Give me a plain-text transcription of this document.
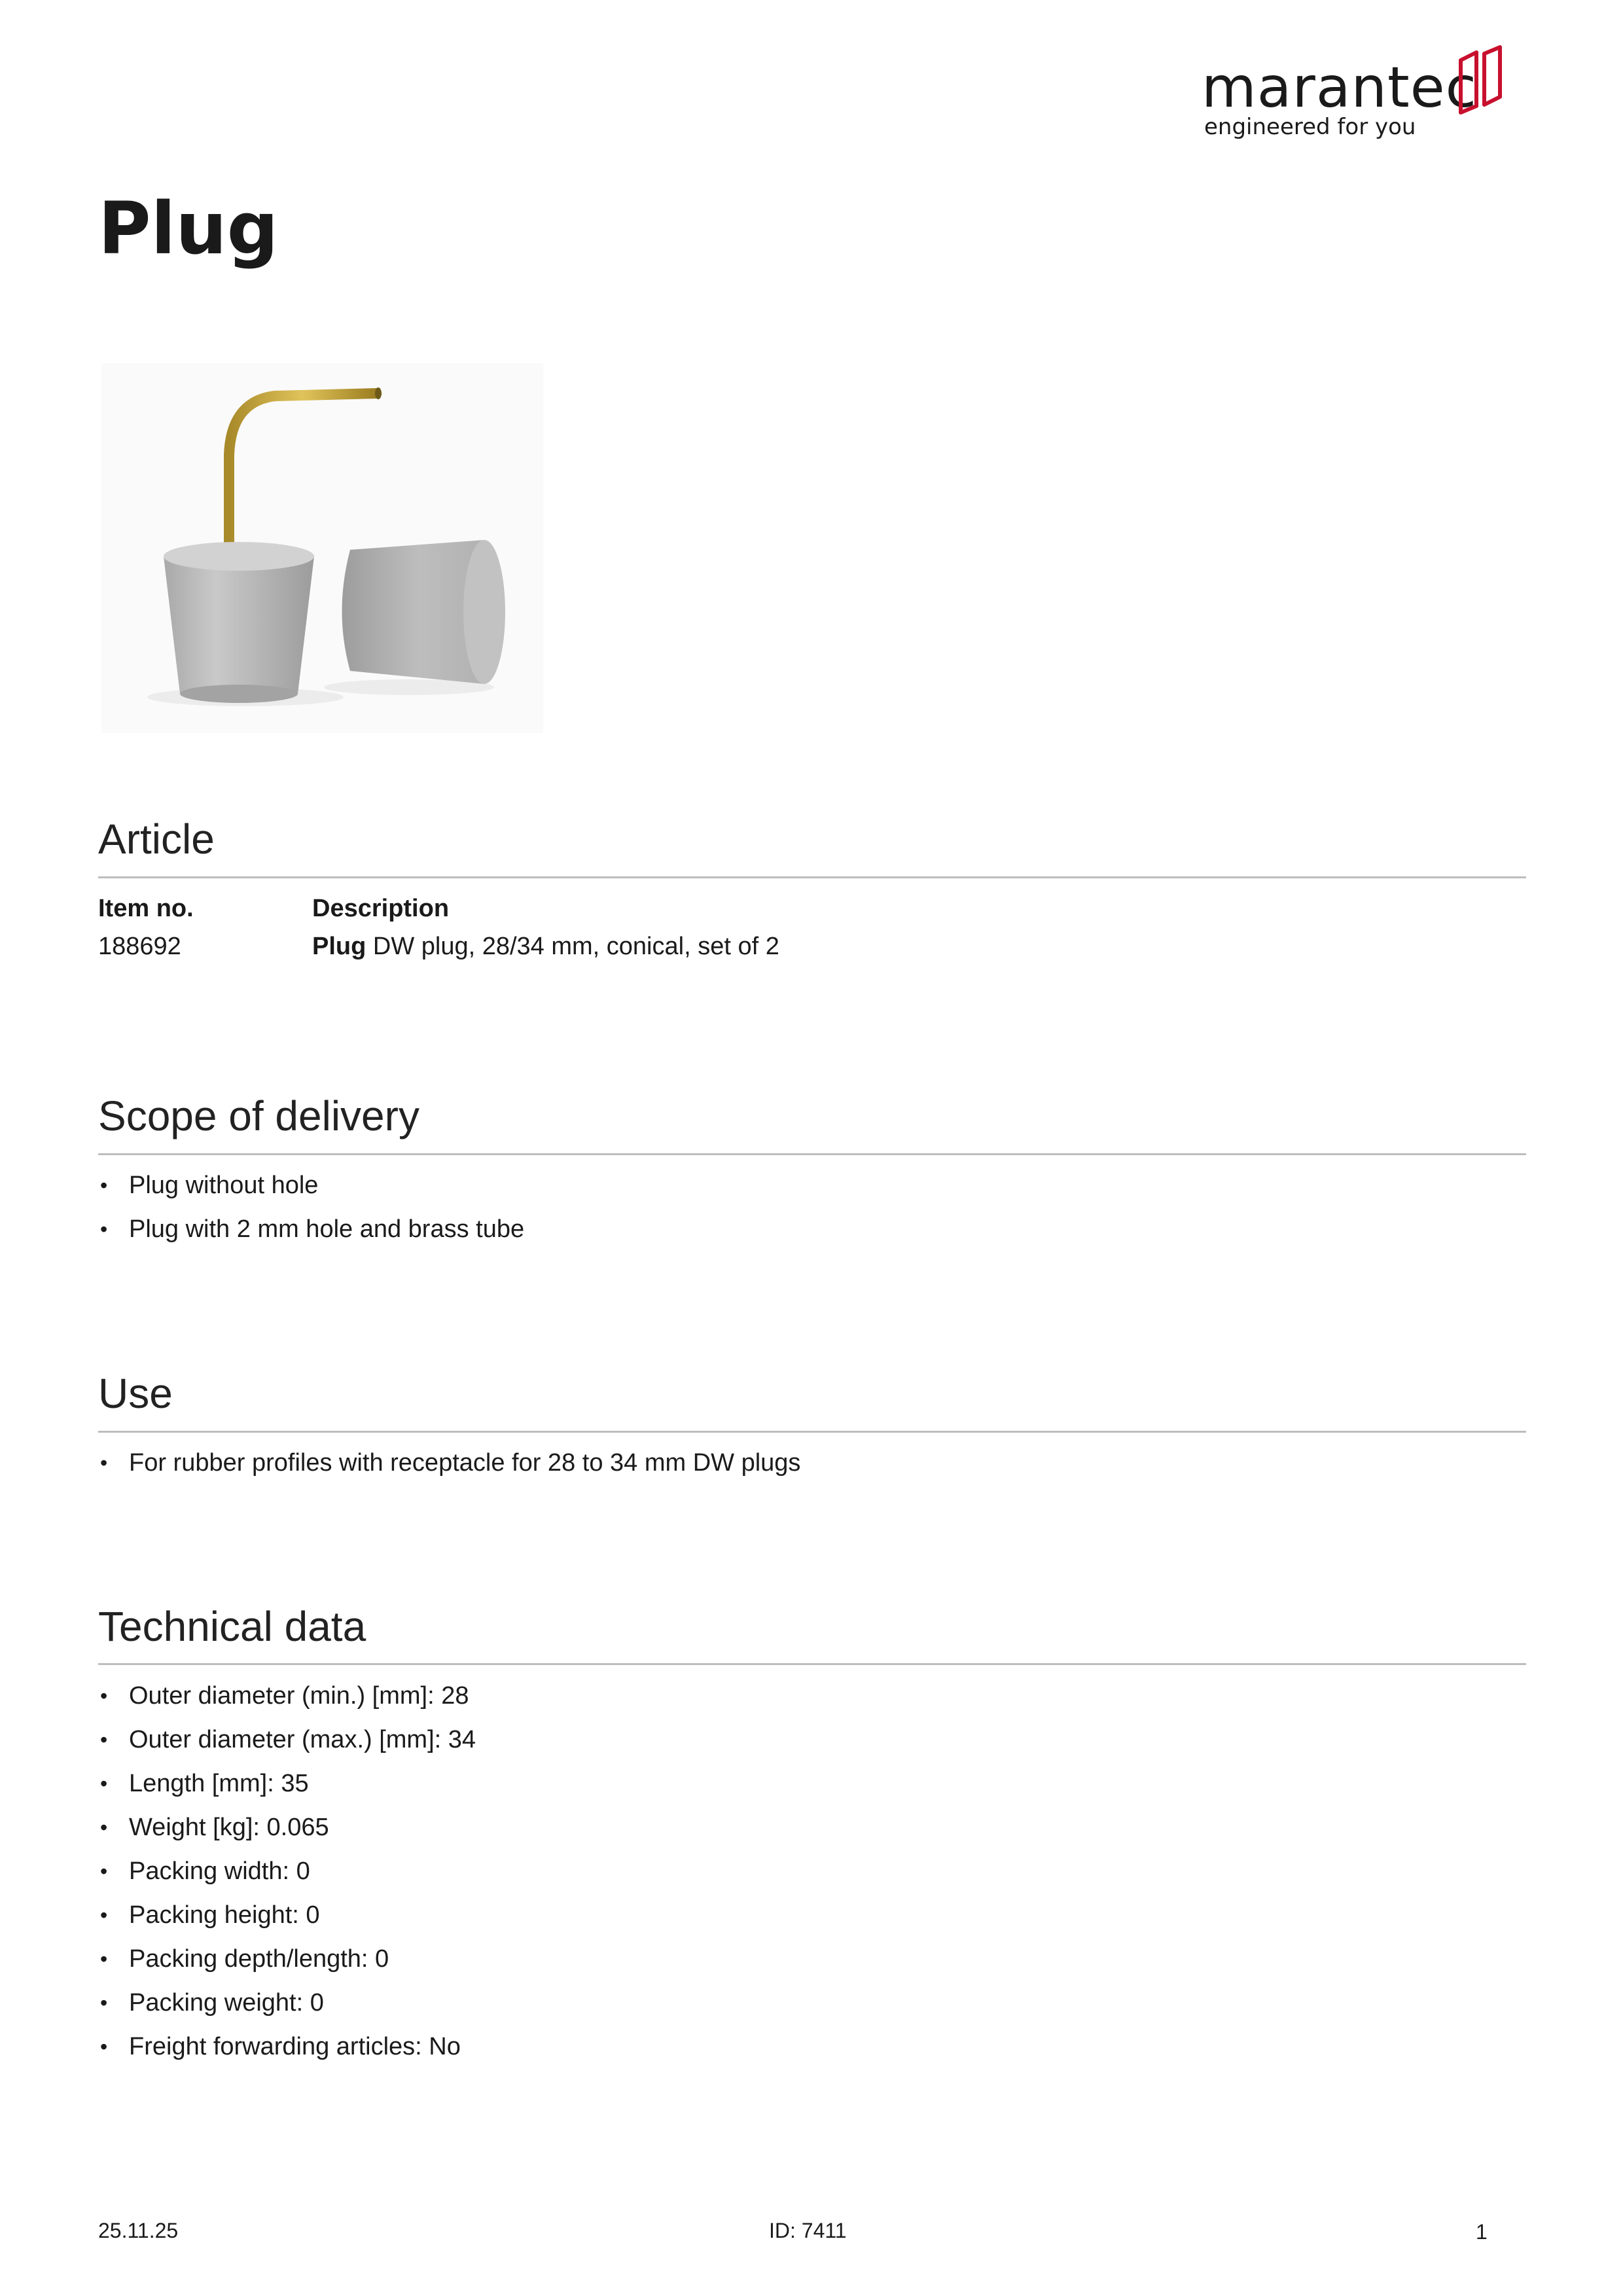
marantec
engineered for you
Plug
Article
Item no.	Description
188692	Plug DW plug, 28/34 mm, conical, set of 2
Scope of delivery
• Plug without hole
• Plug with 2 mm hole and brass tube
Use
• For rubber profiles with receptacle for 28 to 34 mm DW plugs
Technical data
• Outer diameter (min.) [mm]: 28
• Outer diameter (max.) [mm]: 34
• Length [mm]: 35
• Weight [kg]: 0.065
• Packing width: 0
• Packing height: 0
• Packing depth/length: 0
• Packing weight: 0
• Freight forwarding articles: No
25.11.25	ID: 7411	1
